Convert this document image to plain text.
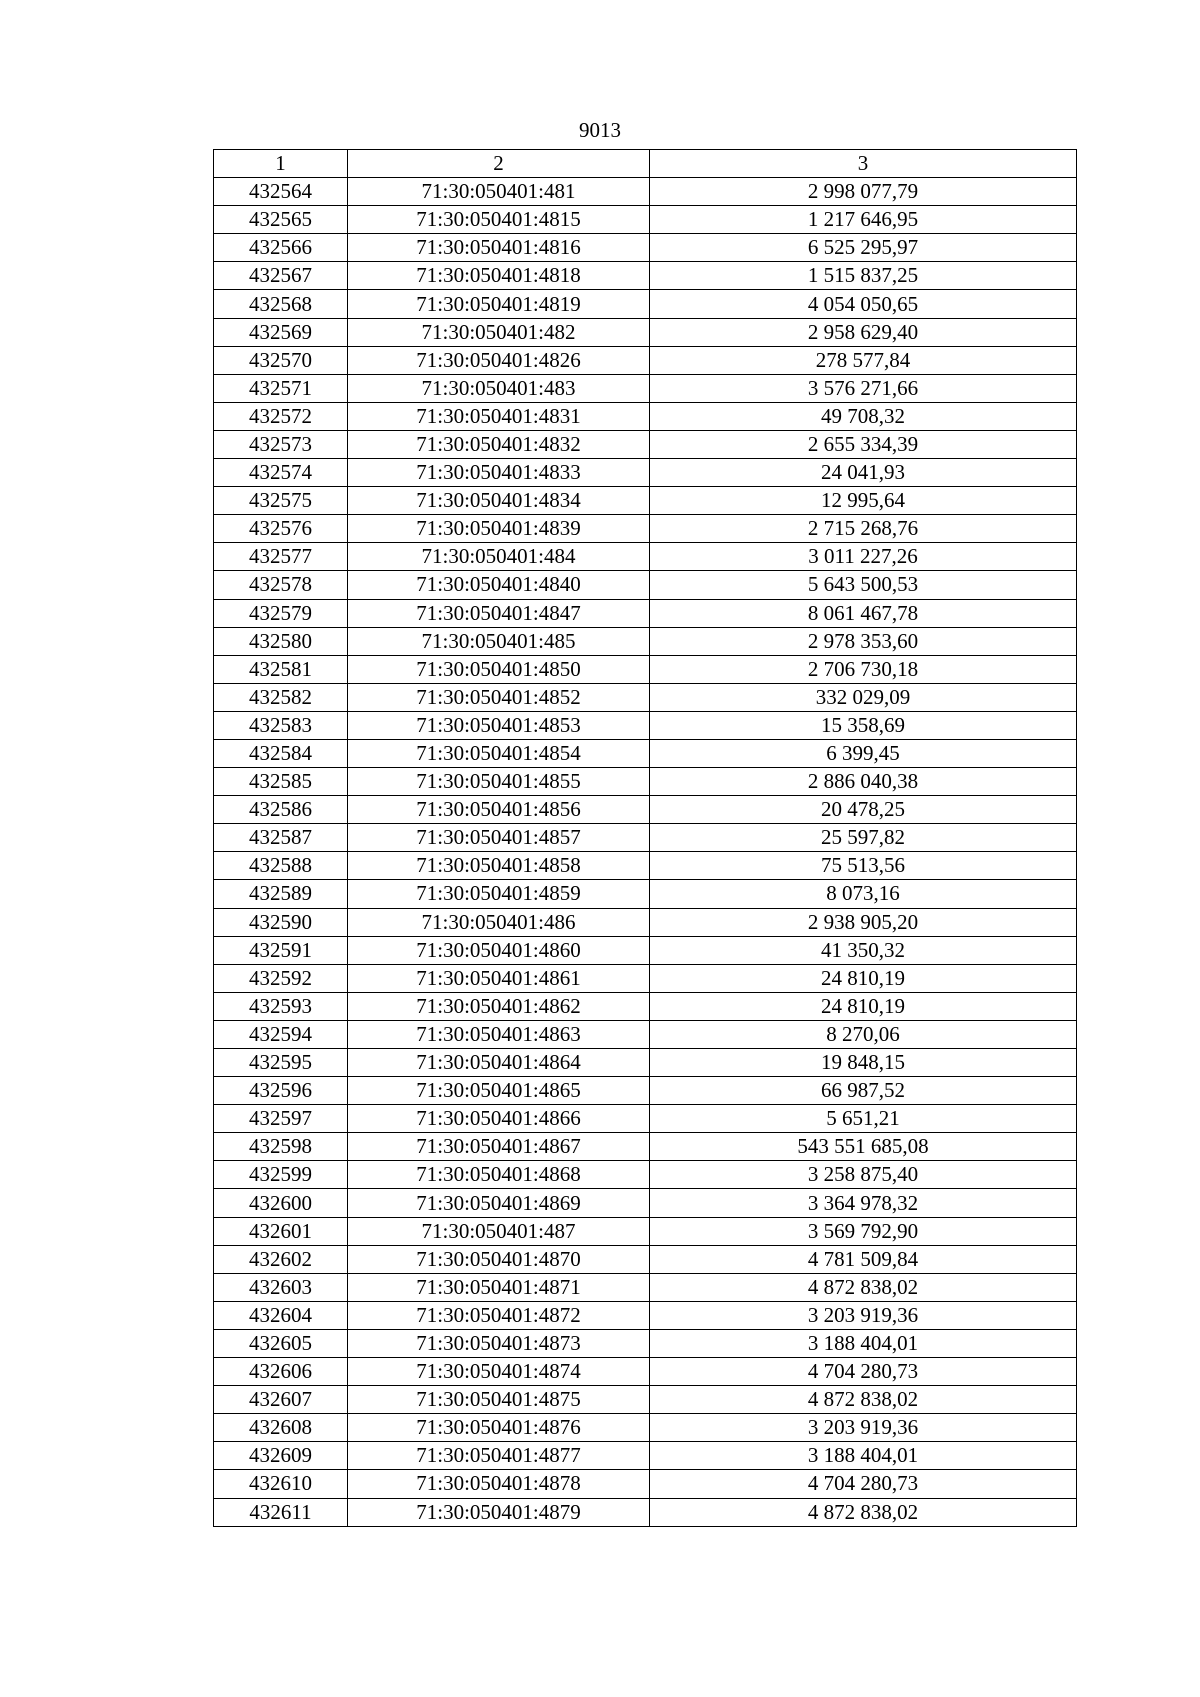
9013
1	2	3
432564	71:30:050401:481	2 998 077,79
432565	71:30:050401:4815	1 217 646,95
432566	71:30:050401:4816	6 525 295,97
432567	71:30:050401:4818	1 515 837,25
432568	71:30:050401:4819	4 054 050,65
432569	71:30:050401:482	2 958 629,40
432570	71:30:050401:4826	278 577,84
432571	71:30:050401:483	3 576 271,66
432572	71:30:050401:4831	49 708,32
432573	71:30:050401:4832	2 655 334,39
432574	71:30:050401:4833	24 041,93
432575	71:30:050401:4834	12 995,64
432576	71:30:050401:4839	2 715 268,76
432577	71:30:050401:484	3 011 227,26
432578	71:30:050401:4840	5 643 500,53
432579	71:30:050401:4847	8 061 467,78
432580	71:30:050401:485	2 978 353,60
432581	71:30:050401:4850	2 706 730,18
432582	71:30:050401:4852	332 029,09
432583	71:30:050401:4853	15 358,69
432584	71:30:050401:4854	6 399,45
432585	71:30:050401:4855	2 886 040,38
432586	71:30:050401:4856	20 478,25
432587	71:30:050401:4857	25 597,82
432588	71:30:050401:4858	75 513,56
432589	71:30:050401:4859	8 073,16
432590	71:30:050401:486	2 938 905,20
432591	71:30:050401:4860	41 350,32
432592	71:30:050401:4861	24 810,19
432593	71:30:050401:4862	24 810,19
432594	71:30:050401:4863	8 270,06
432595	71:30:050401:4864	19 848,15
432596	71:30:050401:4865	66 987,52
432597	71:30:050401:4866	5 651,21
432598	71:30:050401:4867	543 551 685,08
432599	71:30:050401:4868	3 258 875,40
432600	71:30:050401:4869	3 364 978,32
432601	71:30:050401:487	3 569 792,90
432602	71:30:050401:4870	4 781 509,84
432603	71:30:050401:4871	4 872 838,02
432604	71:30:050401:4872	3 203 919,36
432605	71:30:050401:4873	3 188 404,01
432606	71:30:050401:4874	4 704 280,73
432607	71:30:050401:4875	4 872 838,02
432608	71:30:050401:4876	3 203 919,36
432609	71:30:050401:4877	3 188 404,01
432610	71:30:050401:4878	4 704 280,73
432611	71:30:050401:4879	4 872 838,02
